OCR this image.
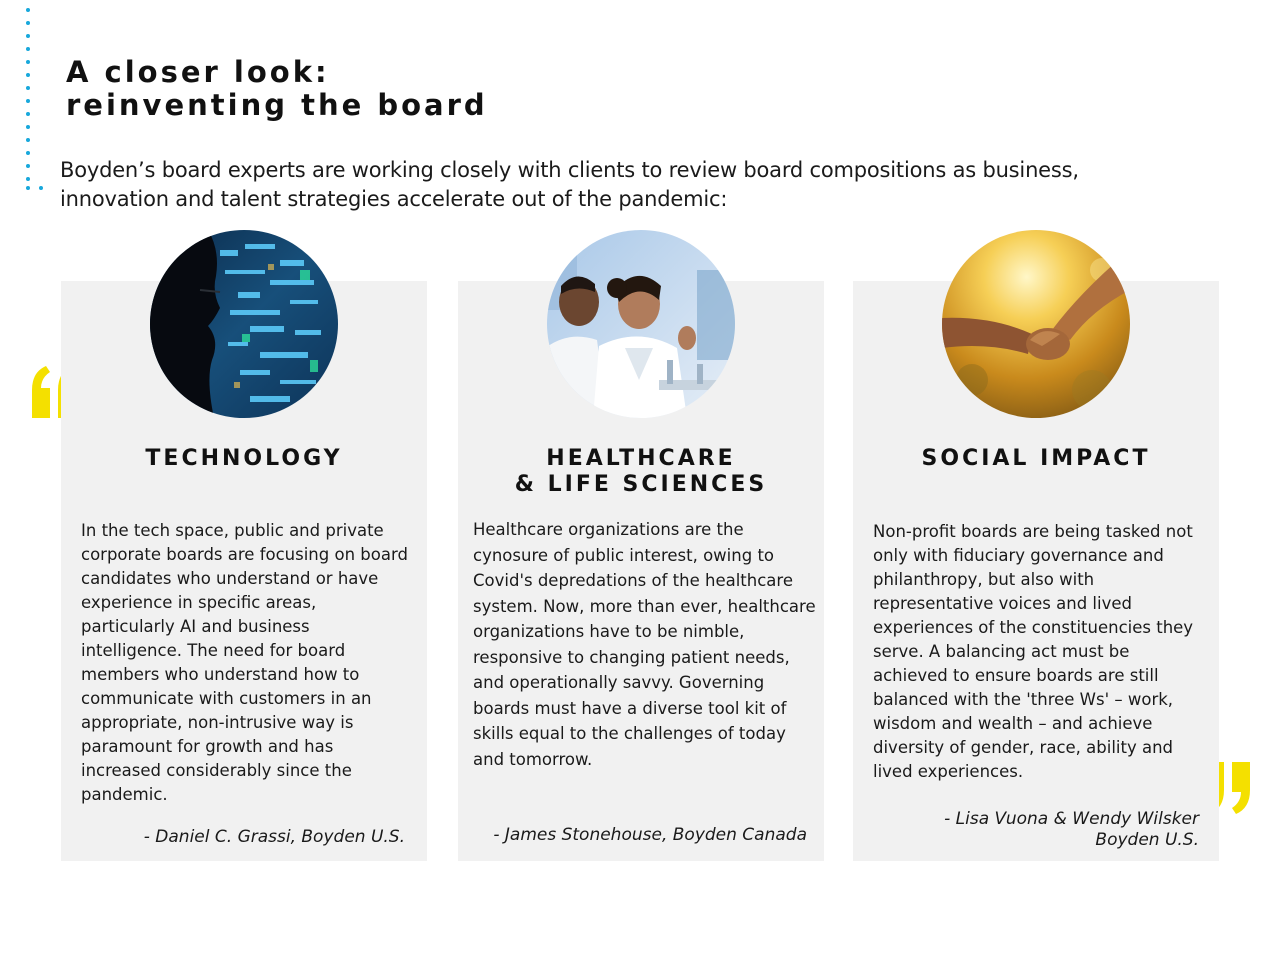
A closer look:
reinventing the board

Boyden’s board experts are working closely with clients to review board compositions as business, innovation and talent strategies accelerate out of the pandemic:

TECHNOLOGY

In the tech space, public and private corporate boards are focusing on board candidates who understand or have experience in specific areas, particularly AI and business intelligence. The need for board members who understand how to communicate with customers in an appropriate, non-intrusive way is paramount for growth and has increased considerably since the pandemic.

- Daniel C. Grassi, Boyden U.S.

HEALTHCARE
& LIFE SCIENCES

Healthcare organizations are the cynosure of public interest, owing to Covid's depredations of the healthcare system. Now, more than ever, healthcare organizations have to be nimble, responsive to changing patient needs, and operationally savvy. Governing boards must have a diverse tool kit of skills equal to the challenges of today and tomorrow.

- James Stonehouse, Boyden Canada

SOCIAL IMPACT

Non-profit boards are being tasked not only with fiduciary governance and philanthropy, but also with representative voices and lived experiences of the constituencies they serve. A balancing act must be achieved to ensure boards are still balanced with the 'three Ws' – work, wisdom and wealth – and achieve diversity of gender, race, ability and lived experiences.

- Lisa Vuona & Wendy Wilsker
Boyden U.S.
